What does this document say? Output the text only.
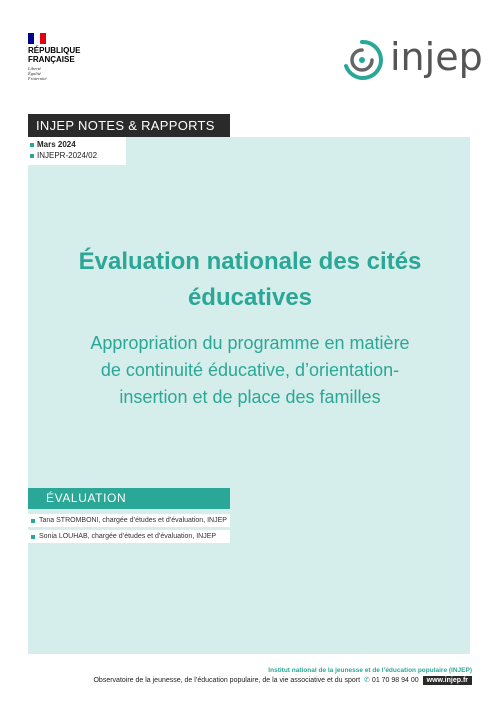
RÉPUBLIQUE
FRANÇAISE
Liberté
Égalité
Fraternité	injep
INJEP NOTES & RAPPORTS
Mars 2024
INJEPR-2024/02
Évaluation nationale des cités
éducatives
Appropriation du programme en matière
de continuité éducative, d’orientation-
insertion et de place des familles
ÉVALUATION
Tana STROMBONI, chargée d’études et d’évaluation, INJEP
Sonia LOUHAB, chargée d’études et d’évaluation, INJEP
Institut national de la jeunesse et de l’éducation populaire (INJEP)
Observatoire de la jeunesse, de l’éducation populaire, de la vie associative et du sport ✆ 01 70 98 94 00	www.injep.fr
